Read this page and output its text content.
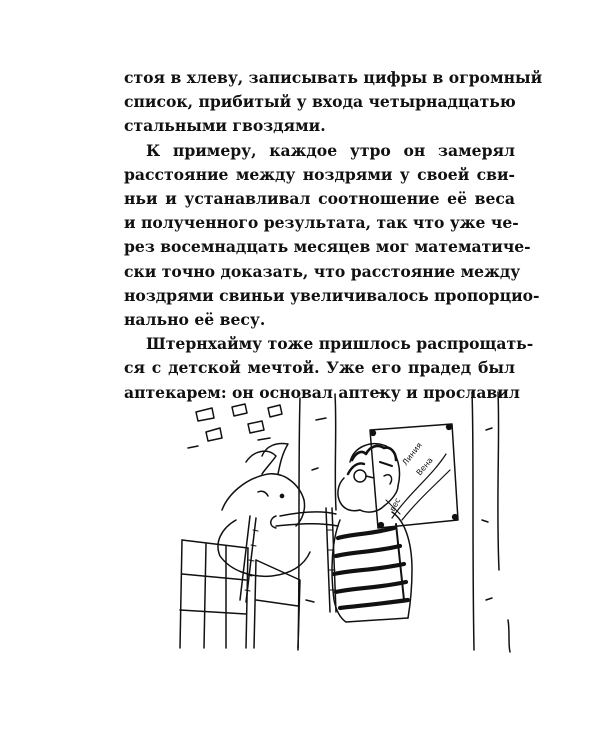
стоя в хлеву, записывать цифры в огромный
список, прибитый у входа четырнадцатью
стальными гвоздями.

К примеру, каждое утро он замерял
расстояние между ноздрями у своей сви-
ньи и устанавливал соотношение её веса
и полученного результата, так что уже че-
рез восемнадцать месяцев мог математиче-
ски точно доказать, что расстояние между
ноздрями свиньи увеличивалось пропорцио-
нально её весу.

Штернхайму тоже пришлось распрощать-
ся с детской мечтой. Уже его прадед был
аптекарем: он основал аптеку и прославил

Линия
Вена
вес
